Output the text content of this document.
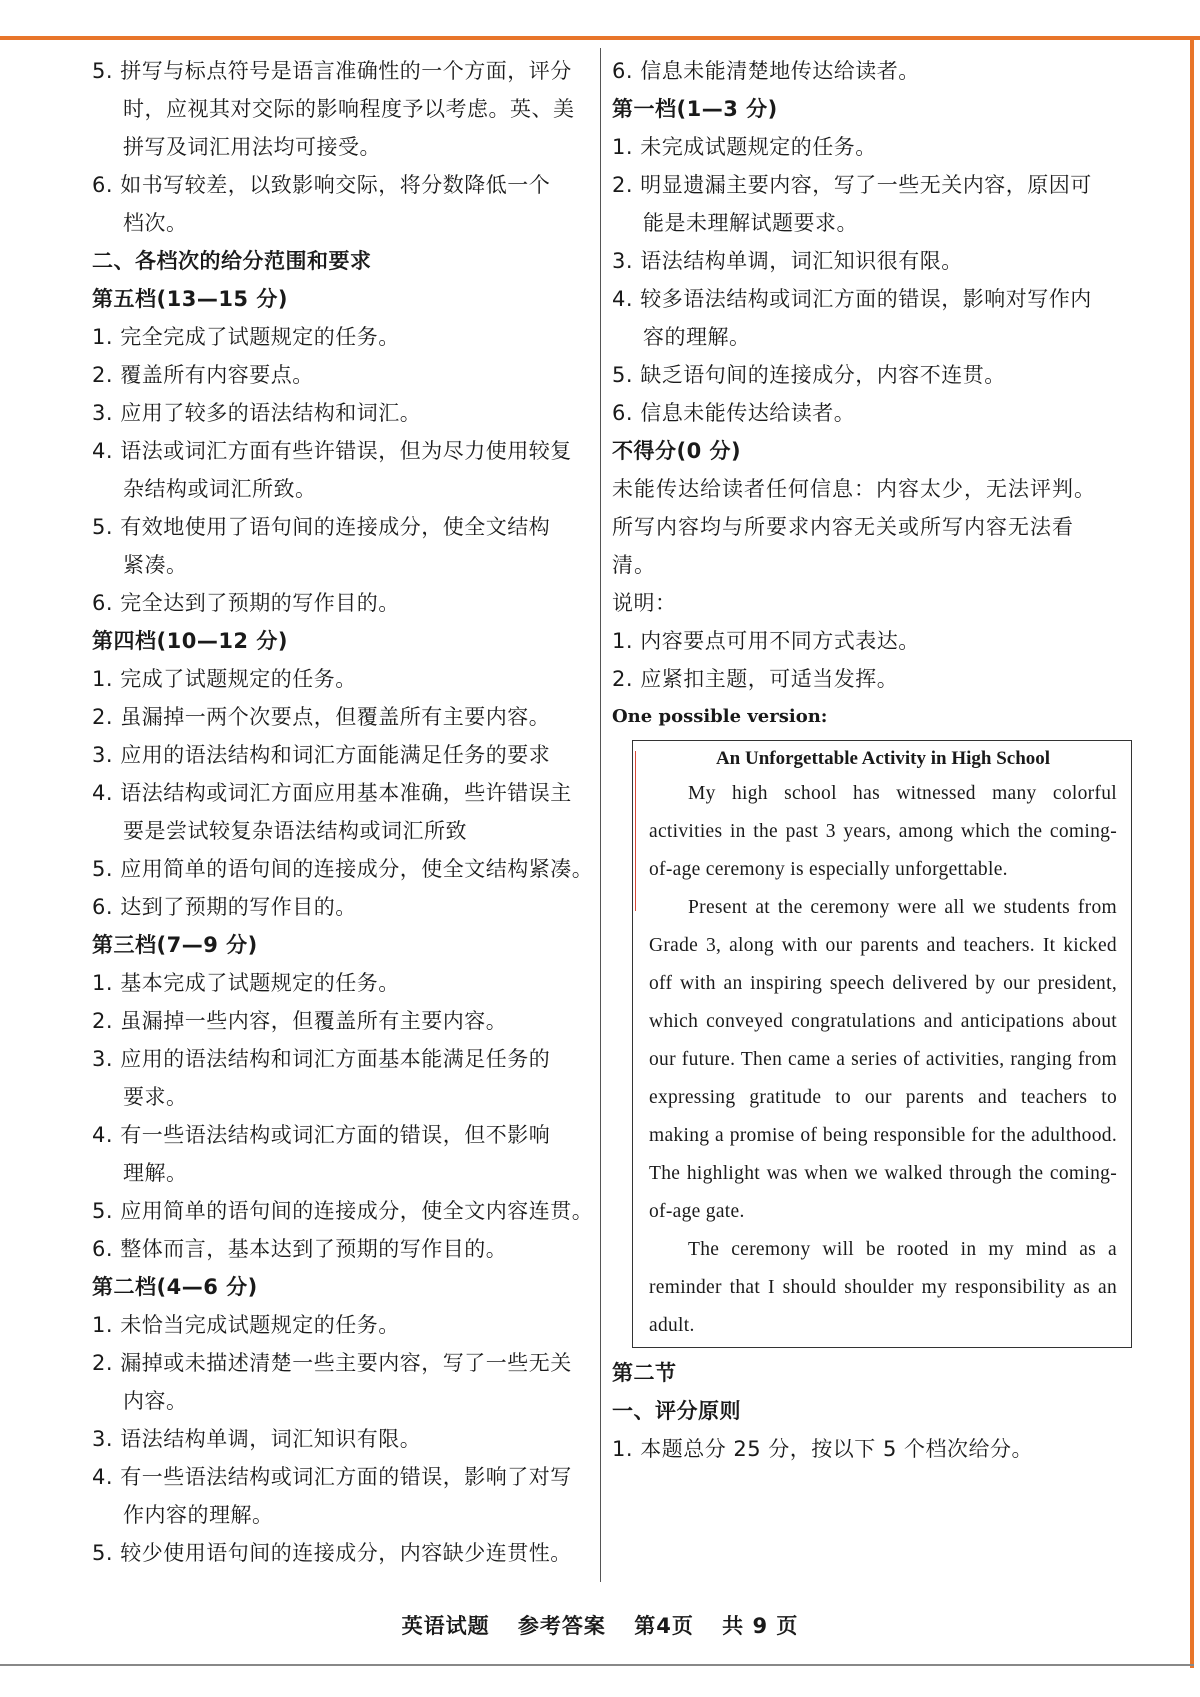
5. 拼写与标点符号是语言准确性的一个方面，评分
时，应视其对交际的影响程度予以考虑。英、美
拼写及词汇用法均可接受。
6. 如书写较差，以致影响交际，将分数降低一个
档次。
二、各档次的给分范围和要求
第五档(13—15 分)
1. 完全完成了试题规定的任务。
2. 覆盖所有内容要点。
3. 应用了较多的语法结构和词汇。
4. 语法或词汇方面有些许错误，但为尽力使用较复
杂结构或词汇所致。
5. 有效地使用了语句间的连接成分，使全文结构
紧凑。
6. 完全达到了预期的写作目的。
第四档(10—12 分)
1. 完成了试题规定的任务。
2. 虽漏掉一两个次要点，但覆盖所有主要内容。
3. 应用的语法结构和词汇方面能满足任务的要求
4. 语法结构或词汇方面应用基本准确，些许错误主
要是尝试较复杂语法结构或词汇所致
5. 应用简单的语句间的连接成分，使全文结构紧凑。
6. 达到了预期的写作目的。
第三档(7—9 分)
1. 基本完成了试题规定的任务。
2. 虽漏掉一些内容，但覆盖所有主要内容。
3. 应用的语法结构和词汇方面基本能满足任务的
要求。
4. 有一些语法结构或词汇方面的错误，但不影响
理解。
5. 应用简单的语句间的连接成分，使全文内容连贯。
6. 整体而言，基本达到了预期的写作目的。
第二档(4—6 分)
1. 未恰当完成试题规定的任务。
2. 漏掉或未描述清楚一些主要内容，写了一些无关
内容。
3. 语法结构单调，词汇知识有限。
4. 有一些语法结构或词汇方面的错误，影响了对写
作内容的理解。
5. 较少使用语句间的连接成分，内容缺少连贯性。
6. 信息未能清楚地传达给读者。
第一档(1—3 分)
1. 未完成试题规定的任务。
2. 明显遗漏主要内容，写了一些无关内容，原因可
能是未理解试题要求。
3. 语法结构单调，词汇知识很有限。
4. 较多语法结构或词汇方面的错误，影响对写作内
容的理解。
5. 缺乏语句间的连接成分，内容不连贯。
6. 信息未能传达给读者。
不得分(0 分)
未能传达给读者任何信息：内容太少，无法评判。所写内容均与所要求内容无关或所写内容无法看清。
说明：
1. 内容要点可用不同方式表达。
2. 应紧扣主题，可适当发挥。
One possible version:
An Unforgettable Activity in High School
My high school has witnessed many colorful activities in the past 3 years, among which the coming-of-age ceremony is especially unforgettable.
Present at the ceremony were all we students from Grade 3, along with our parents and teachers. It kicked off with an inspiring speech delivered by our president, which conveyed congratulations and anticipations about our future. Then came a series of activities, ranging from expressing gratitude to our parents and teachers to making a promise of being responsible for the adulthood. The highlight was when we walked through the coming-of-age gate.
The ceremony will be rooted in my mind as a reminder that I should shoulder my responsibility as an adult.
第二节
一、评分原则
1. 本题总分 25 分，按以下 5 个档次给分。
英语试题 参考答案 第4页 共 9 页
